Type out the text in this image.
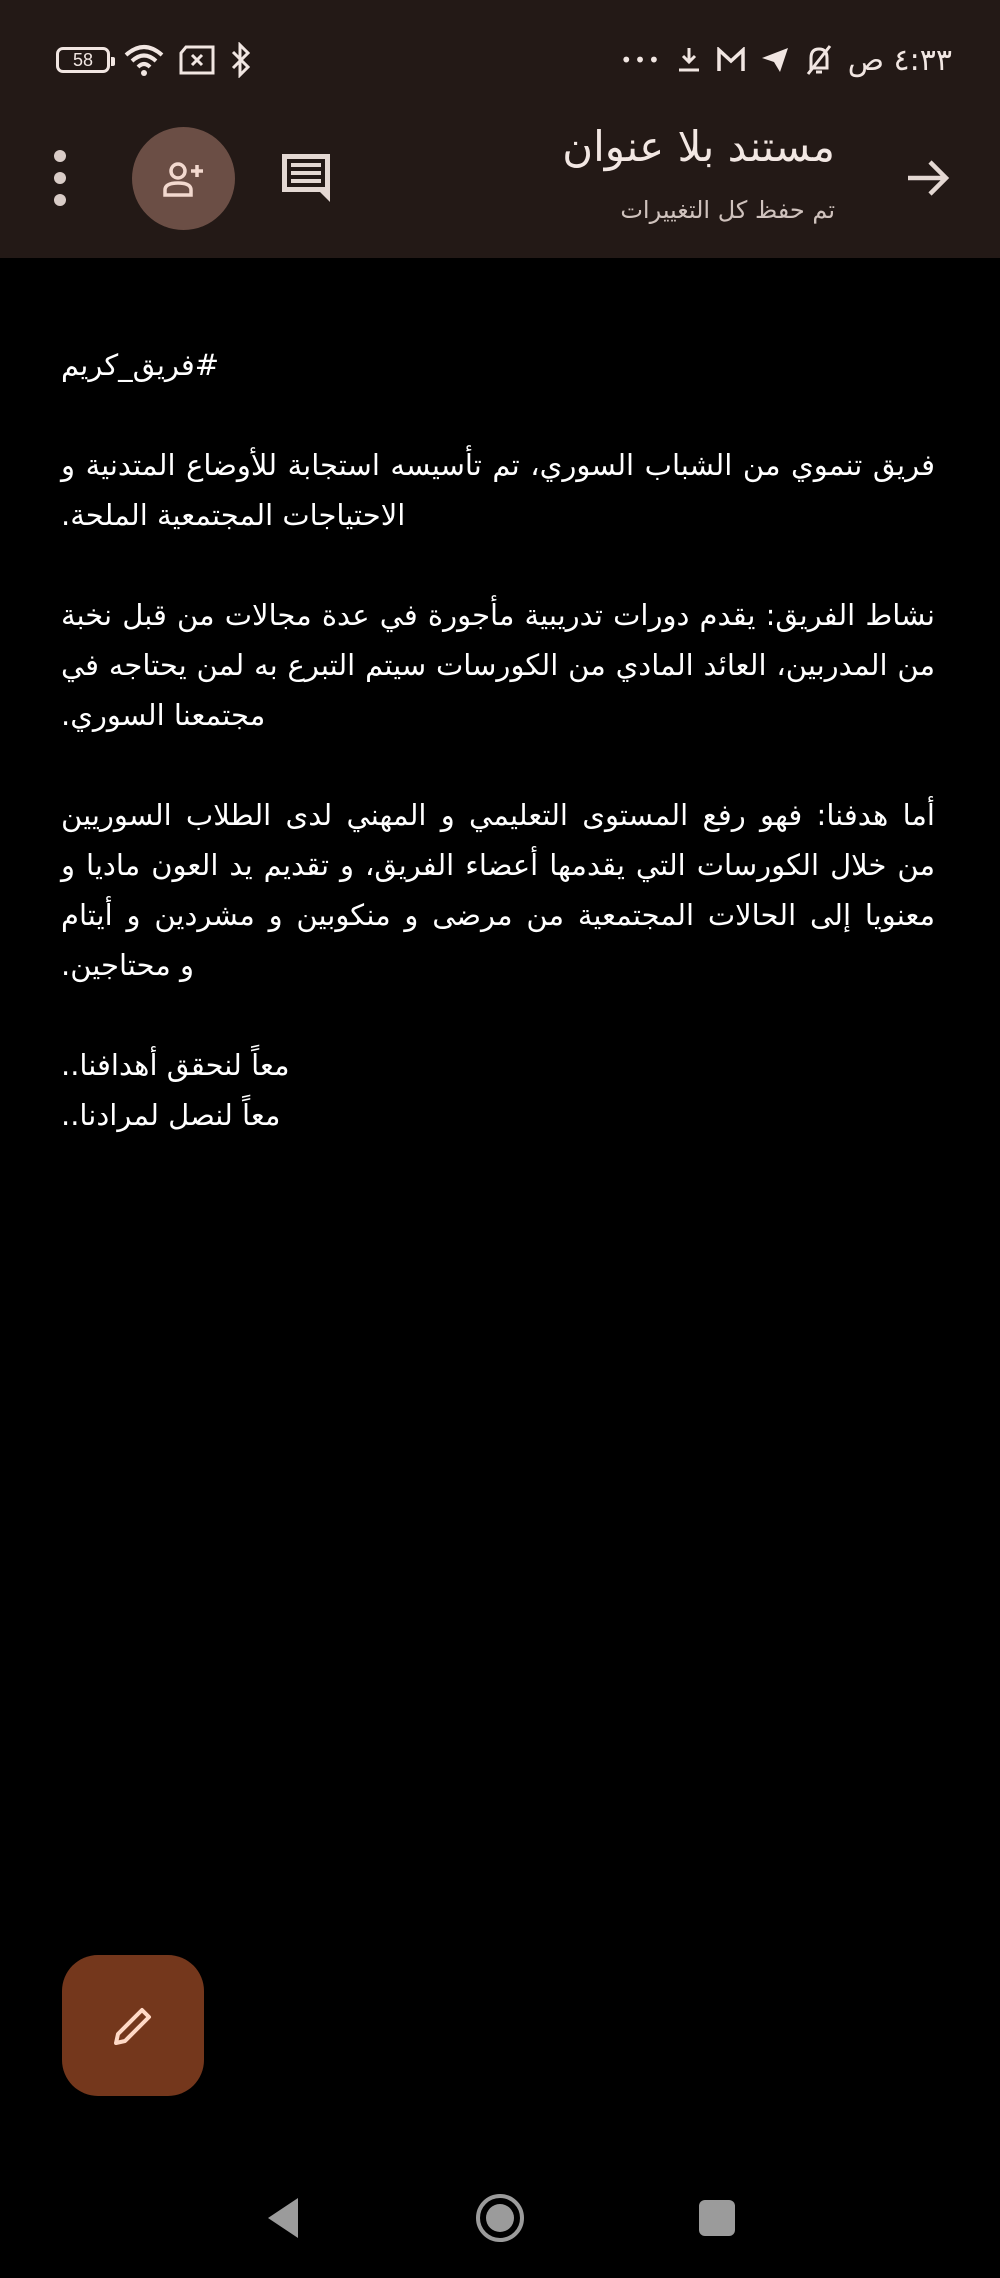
58	•••	٤:٣٣ ص
مستند بلا عنوان
تم حفظ كل التغييرات
#فريق_كريم
فريق تنموي من الشباب السوري، تم تأسيسه استجابة للأوضاع المتدنية و
الاحتياجات المجتمعية الملحة.
نشاط الفريق: يقدم دورات تدريبية مأجورة في عدة مجالات من قبل نخبة
من المدربين، العائد المادي من الكورسات سيتم التبرع به لمن يحتاجه في
مجتمعنا السوري.
أما هدفنا: فهو رفع المستوى التعليمي و المهني لدى الطلاب السوريين
من خلال الكورسات التي يقدمها أعضاء الفريق، و تقديم يد العون ماديا و
معنويا إلى الحالات المجتمعية من مرضى و منكوبين و مشردين و أيتام
و محتاجين.
معاً لنحقق أهدافنا..
معاً لنصل لمرادنا..
